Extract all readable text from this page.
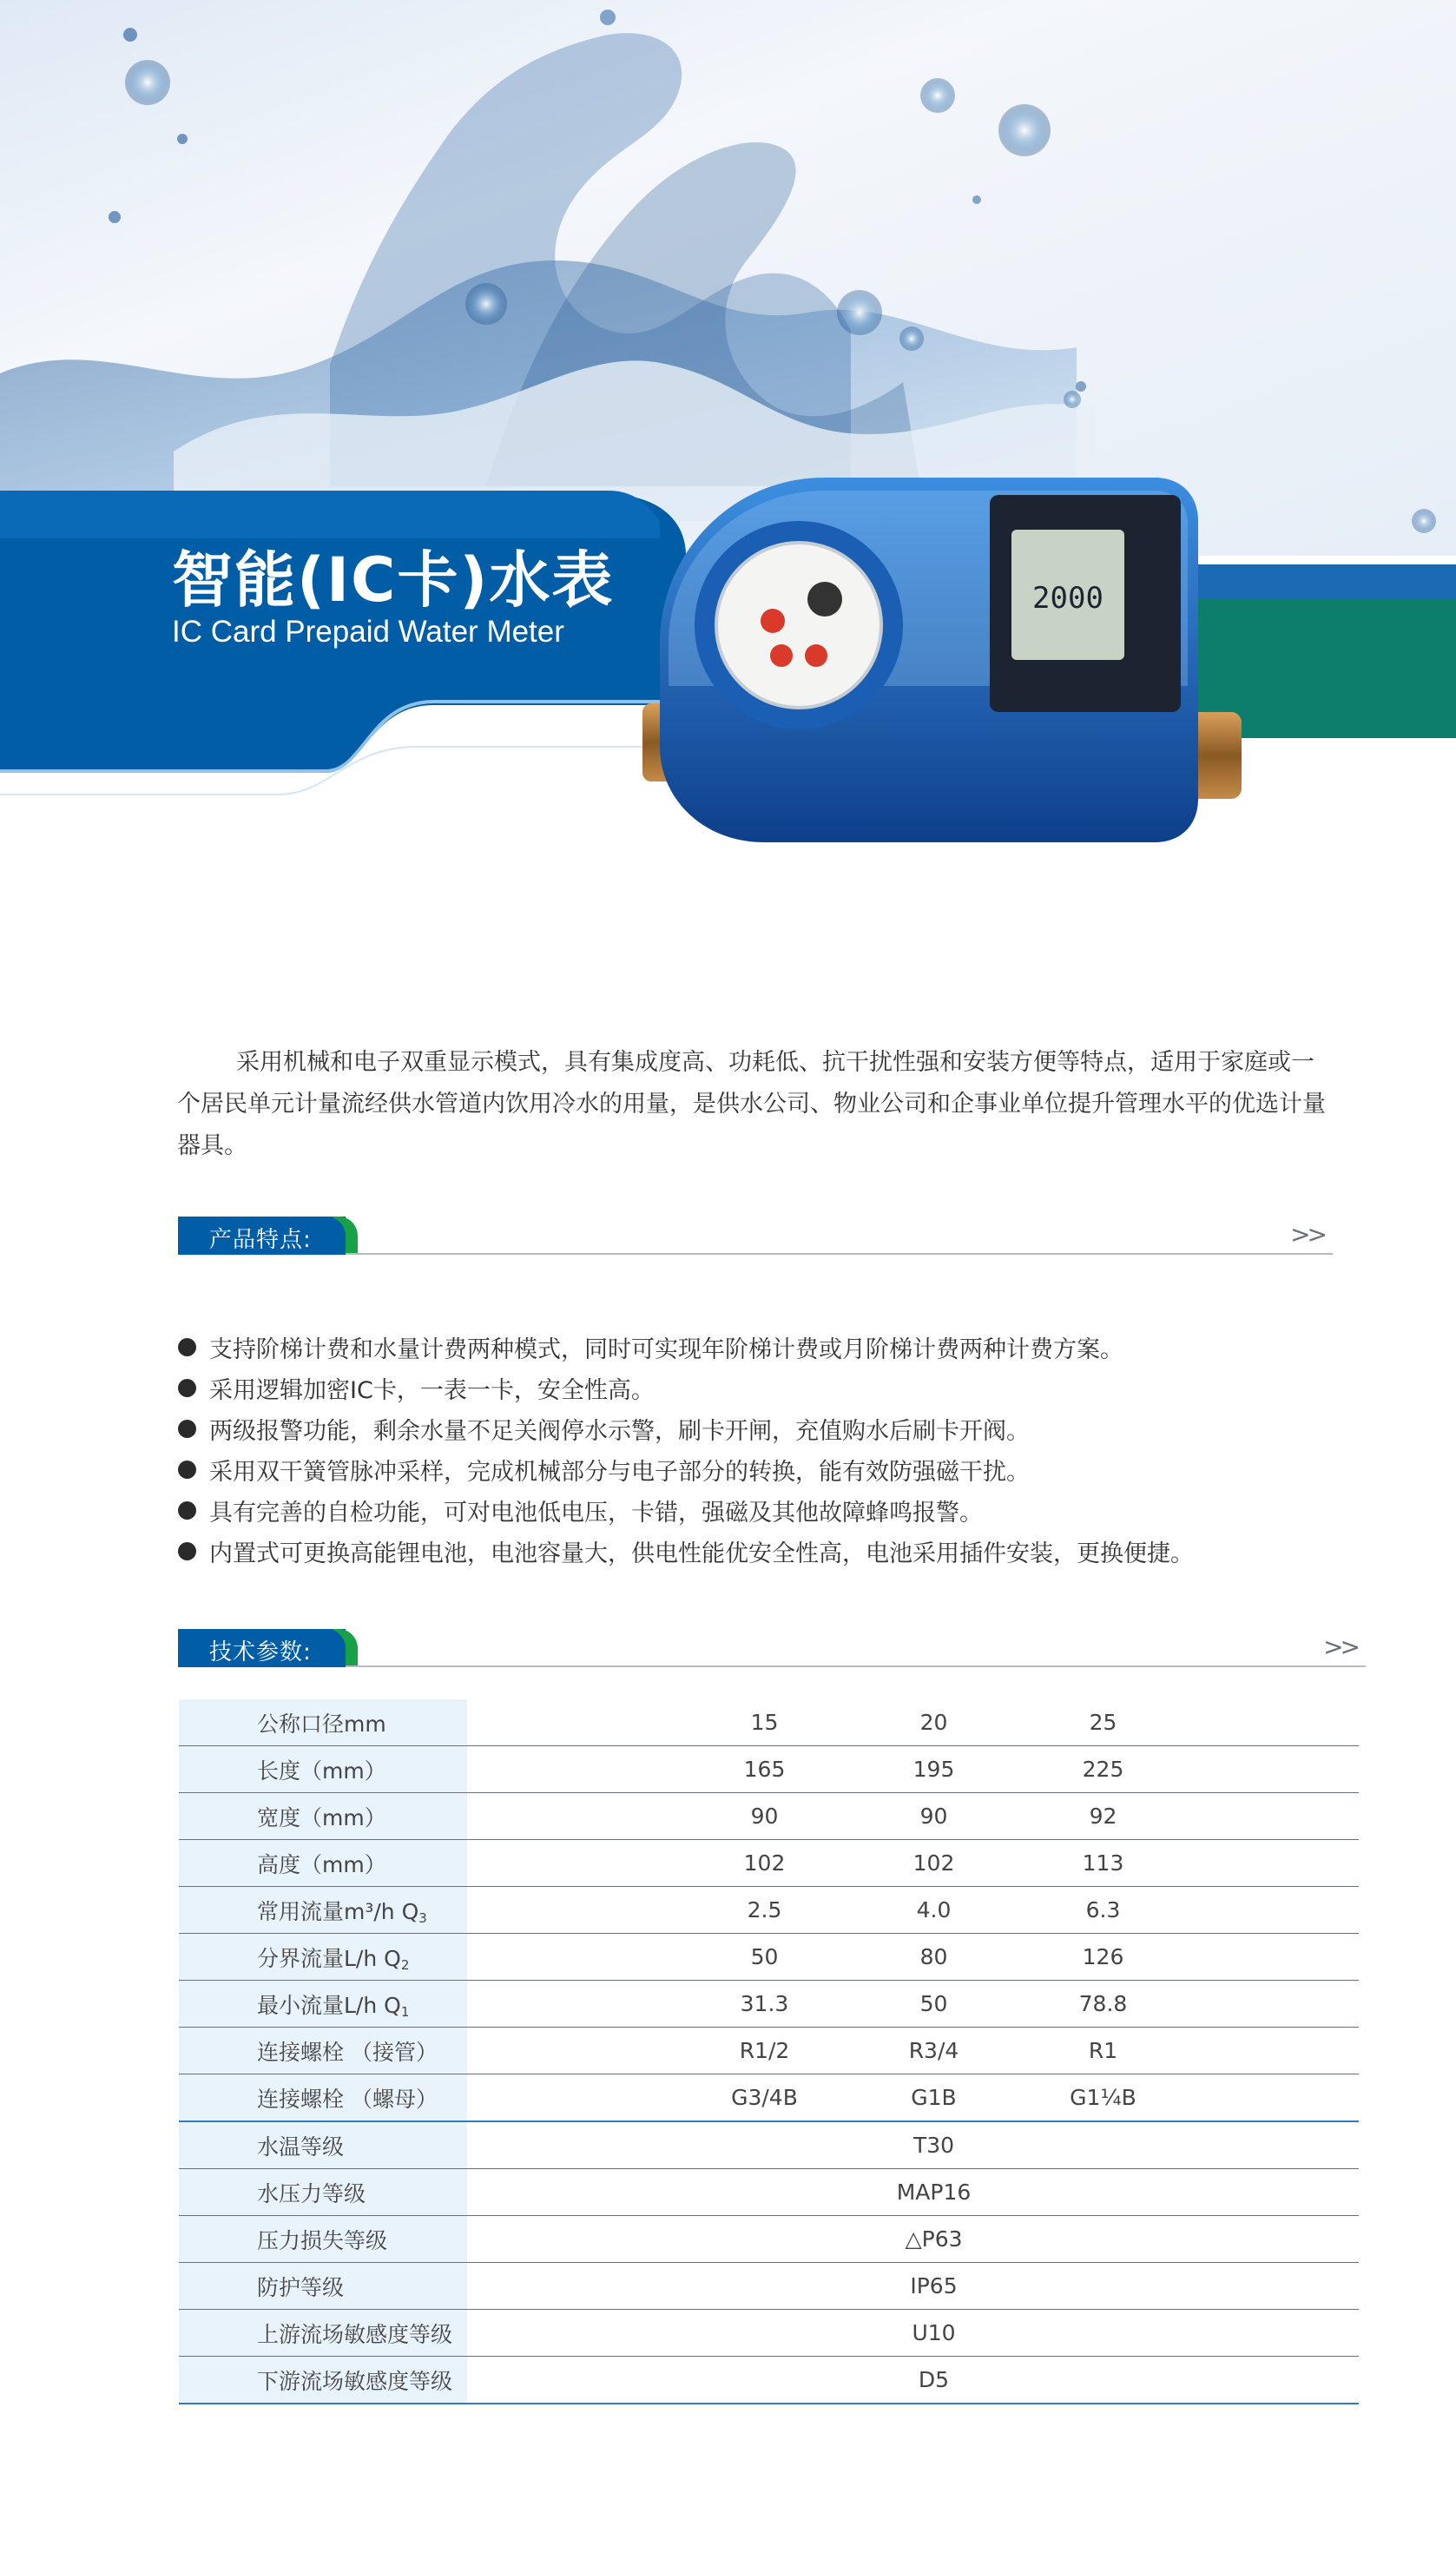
智能(IC卡)水表
IC Card Prepaid Water Meter
2000

采用机械和电子双重显示模式，具有集成度高、功耗低、抗干扰性强和安装方便等特点，适用于家庭或一个居民单元计量流经供水管道内饮用冷水的用量，是供水公司、物业公司和企事业单位提升管理水平的优选计量器具。

产品特点:	>>
支持阶梯计费和水量计费两种模式，同时可实现年阶梯计费或月阶梯计费两种计费方案。
采用逻辑加密IC卡，一表一卡，安全性高。
两级报警功能，剩余水量不足关阀停水示警，刷卡开闸，充值购水后刷卡开阀。
采用双干簧管脉冲采样，完成机械部分与电子部分的转换，能有效防强磁干扰。
具有完善的自检功能，可对电池低电压，卡错，强磁及其他故障蜂鸣报警。
内置式可更换高能锂电池，电池容量大，供电性能优安全性高，电池采用插件安装，更换便捷。
技术参数:	>>
公称口径mm		15	20	25	
长度（mm）		165	195	225	
宽度（mm）		90	90	92	
高度（mm）		102	102	113	
常用流量m³/h $Q_3$		2.5	4.0	6.3	
分界流量L/h $Q_2$		50	80	126	
最小流量L/h $Q_1$		31.3	50	78.8	
连接螺栓 （接管）		R1/2	R3/4	R1	
连接螺栓 （螺母）		G3/4B	G1B	G1¹⁄₄B	
水温等级		T30			
水压力等级		MAP16			
压力损失等级		△P63			
防护等级		IP65			
上游流场敏感度等级		U10			
下游流场敏感度等级		D5			
